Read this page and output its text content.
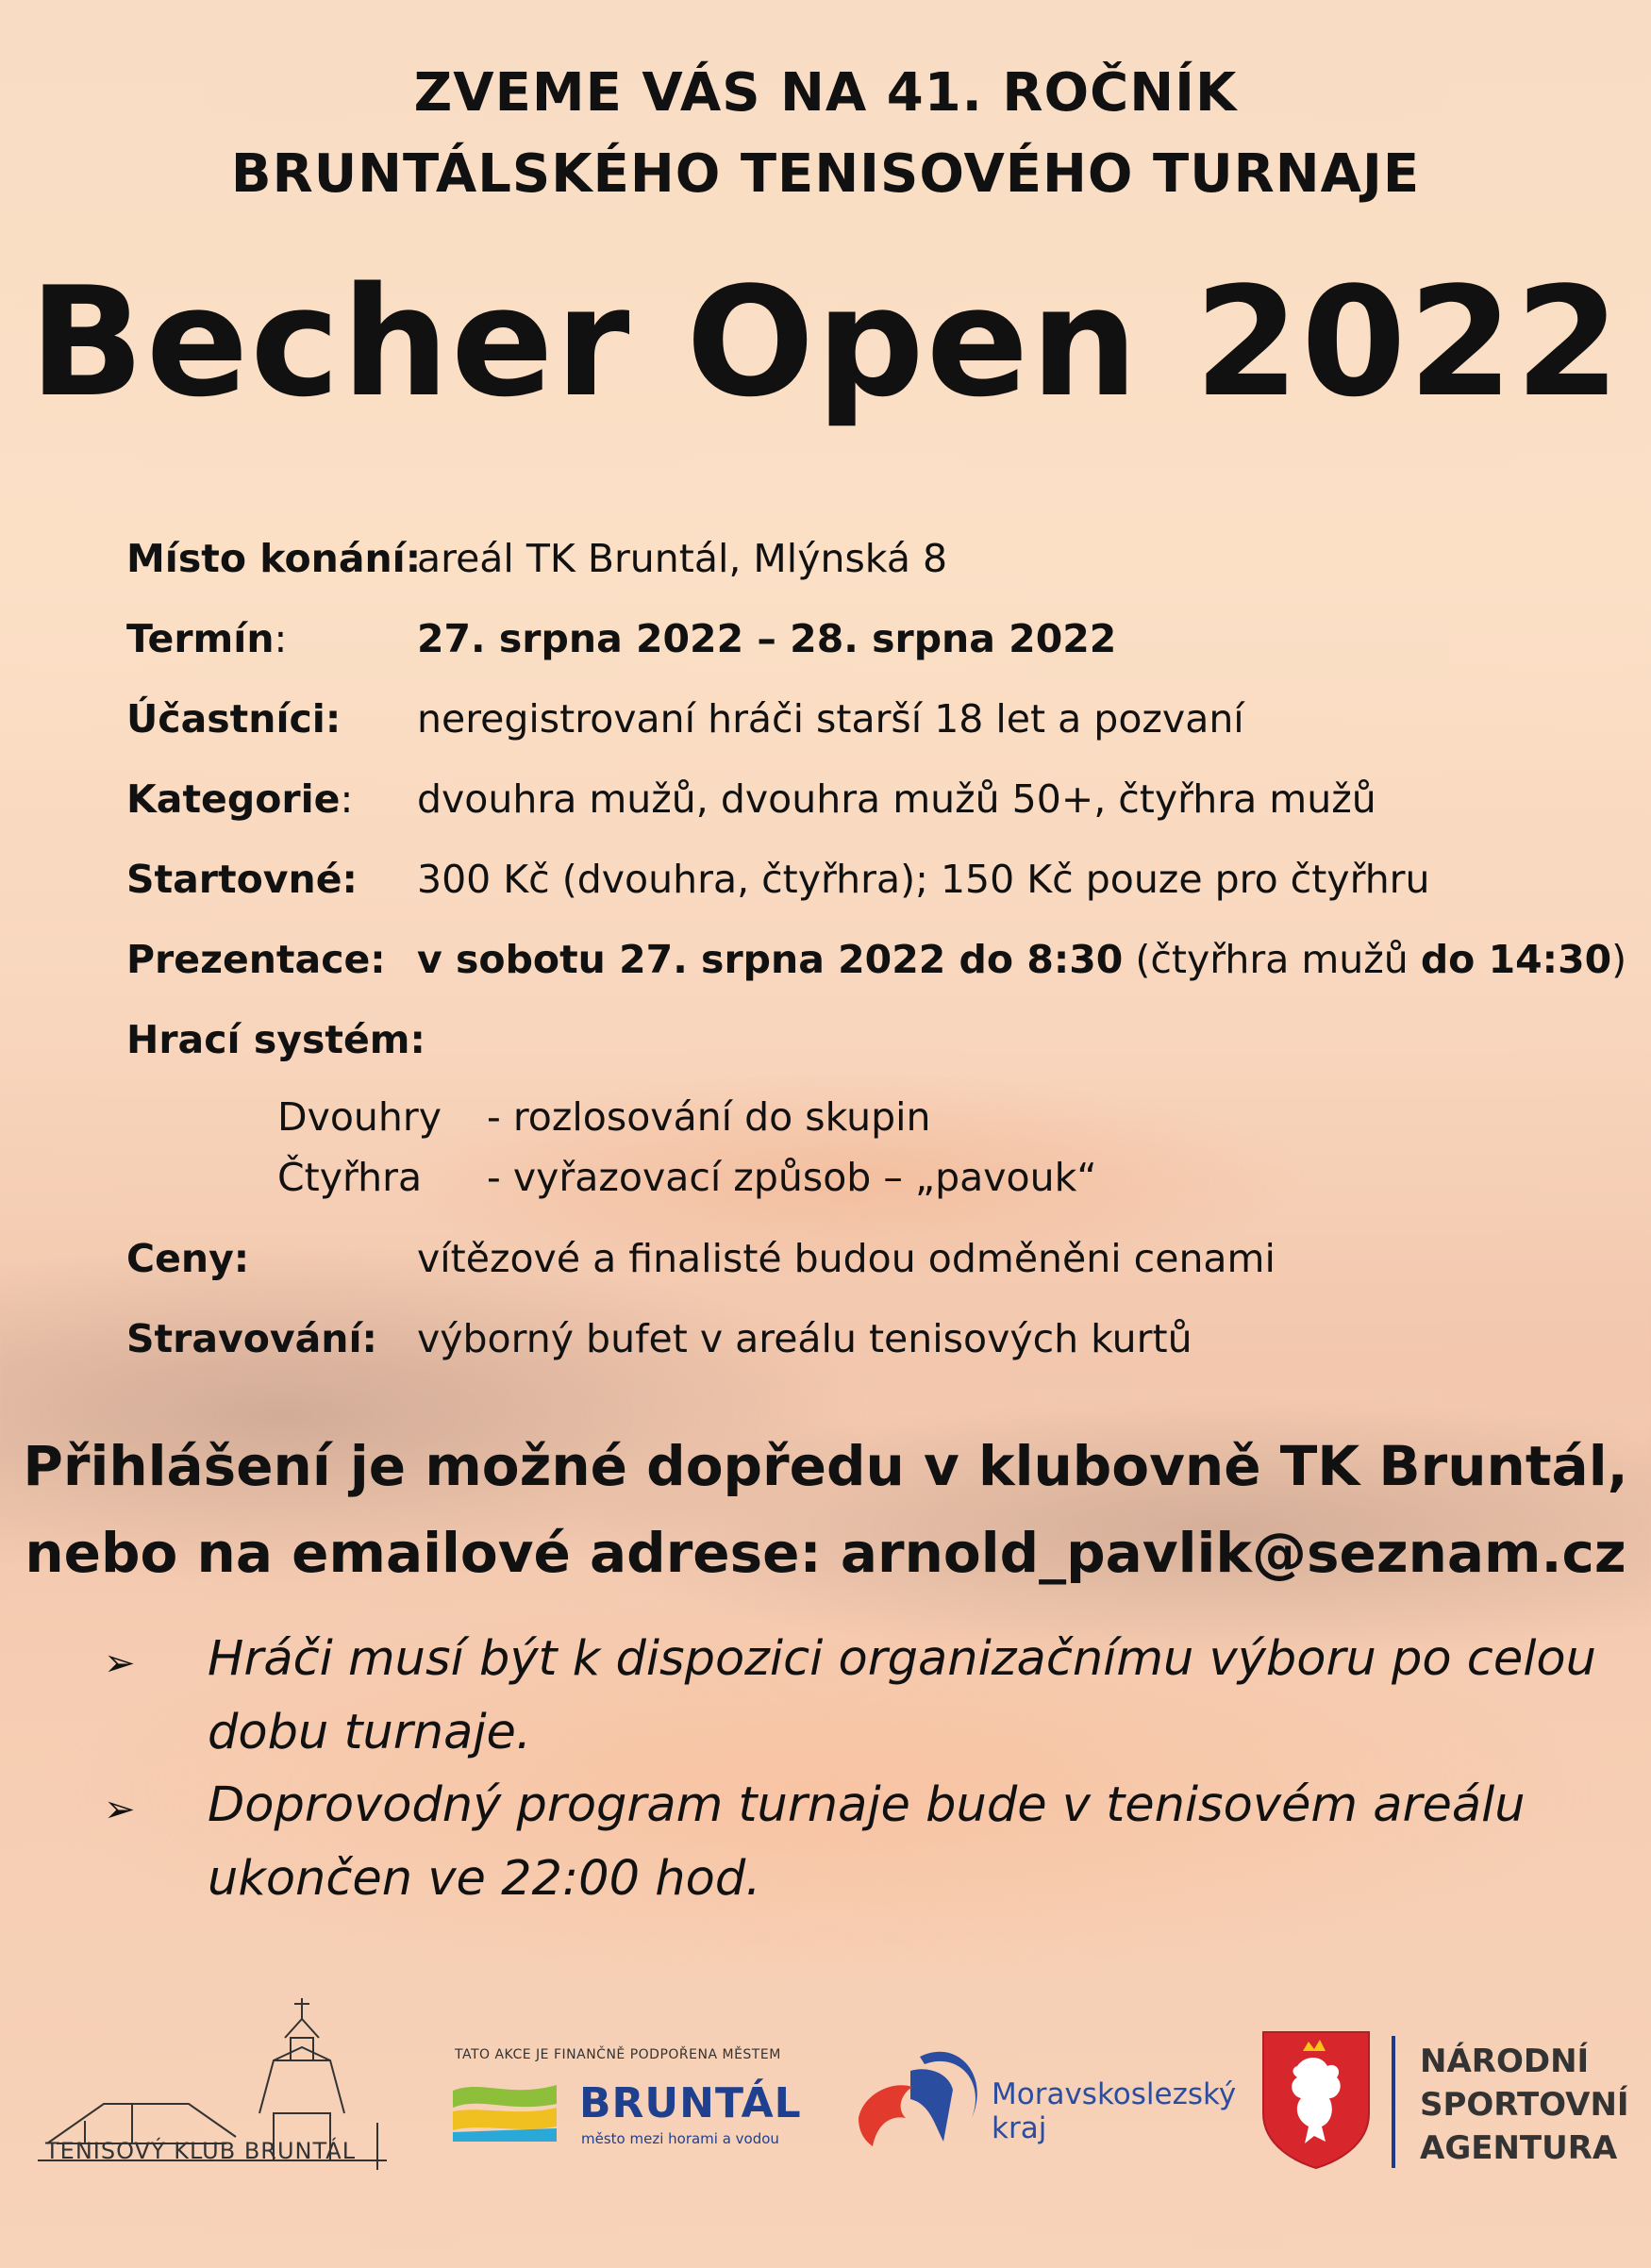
ZVEME VÁS NA 41. ROČNÍK
BRUNTÁLSKÉHO TENISOVÉHO TURNAJE
Becher Open 2022
Místo konání:
areál TK Bruntál, Mlýnská 8
Termín:	27. srpna 2022 – 28. srpna 2022
Účastníci: neregistrovaní hráči starší 18 let a pozvaní
Kategorie: dvouhra mužů, dvouhra mužů 50+, čtyřhra mužů
Startovné: 300 Kč (dvouhra, čtyřhra); 150 Kč pouze pro čtyřhru
Prezentace: v sobotu 27. srpna 2022 do 8:30 (čtyřhra mužů do 14:30)
Hrací systém:
Dvouhry - rozlosování do skupin
Čtyřhra - vyřazovací způsob – „pavouk“
Ceny:	vítězové a finalisté budou odměněni cenami
Stravování: výborný bufet v areálu tenisových kurtů
Přihlášení je možné dopředu v klubovně TK Bruntál,
nebo na emailové adrese: arnold_pavlik@seznam.cz
➢ Hráči musí být k dispozici organizačnímu výboru po celou dobu turnaje.
➢ Doprovodný program turnaje bude v tenisovém areálu ukončen ve 22:00 hod.
TENISOVÝ KLUB BRUNTÁL
TATO AKCE JE FINANČNĚ PODPOŘENA MĚSTEM
BRUNTÁL
město mezi horami a vodou
Moravskoslezský
kraj
NÁRODNÍ
SPORTOVNÍ
AGENTURA
